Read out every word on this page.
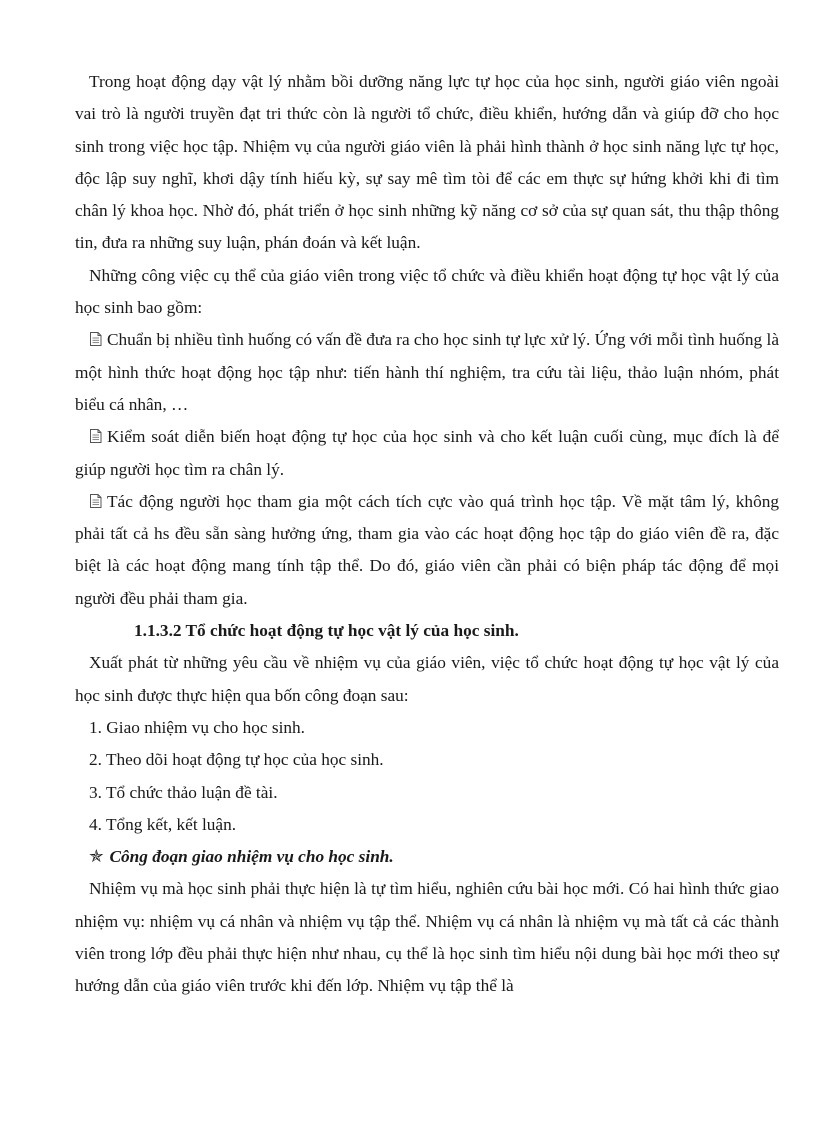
Trong hoạt động dạy vật lý nhằm bồi dưỡng năng lực tự học của học sinh, người giáo viên ngoài vai trò là người truyền đạt tri thức còn là người tổ chức, điều khiển, hướng dẫn và giúp đỡ cho học sinh trong việc học tập. Nhiệm vụ của người giáo viên là phải hình thành ở học sinh năng lực tự học, độc lập suy nghĩ, khơi dậy tính hiếu kỳ, sự say mê tìm tòi để các em thực sự hứng khởi khi đi tìm chân lý khoa học. Nhờ đó, phát triển ở học sinh những kỹ năng cơ sở của sự quan sát, thu thập thông tin, đưa ra những suy luận, phán đoán và kết luận.

Những công việc cụ thể của giáo viên trong việc tổ chức và điều khiển hoạt động tự học vật lý của học sinh bao gồm:

Chuẩn bị nhiều tình huống có vấn đề đưa ra cho học sinh tự lực xử lý. Ứng với mỗi tình huống là một hình thức hoạt động học tập như: tiến hành thí nghiệm, tra cứu tài liệu, thảo luận nhóm, phát biểu cá nhân, …

Kiểm soát diễn biến hoạt động tự học của học sinh và cho kết luận cuối cùng, mục đích là để giúp người học tìm ra chân lý.

Tác động người học tham gia một cách tích cực vào quá trình học tập. Về mặt tâm lý, không phải tất cả hs đều sẵn sàng hưởng ứng, tham gia vào các hoạt động học tập do giáo viên đề ra, đặc biệt là các hoạt động mang tính tập thể. Do đó, giáo viên cần phải có biện pháp tác động để mọi người đều phải tham gia.

1.1.3.2 Tổ chức hoạt động tự học vật lý của học sinh.

Xuất phát từ những yêu cầu về nhiệm vụ của giáo viên, việc tổ chức hoạt động tự học vật lý của học sinh được thực hiện qua bốn công đoạn sau:

1. Giao nhiệm vụ cho học sinh.

2. Theo dõi hoạt động tự học của học sinh.

3. Tổ chức thảo luận đề tài.

4. Tổng kết, kết luận.

✯ Công đoạn giao nhiệm vụ cho học sinh.

Nhiệm vụ mà học sinh phải thực hiện là tự tìm hiểu, nghiên cứu bài học mới. Có hai hình thức giao nhiệm vụ: nhiệm vụ cá nhân và nhiệm vụ tập thể. Nhiệm vụ cá nhân là nhiệm vụ mà tất cả các thành viên trong lớp đều phải thực hiện như nhau, cụ thể là học sinh tìm hiểu nội dung bài học mới theo sự hướng dẫn của giáo viên trước khi đến lớp. Nhiệm vụ tập thể là
